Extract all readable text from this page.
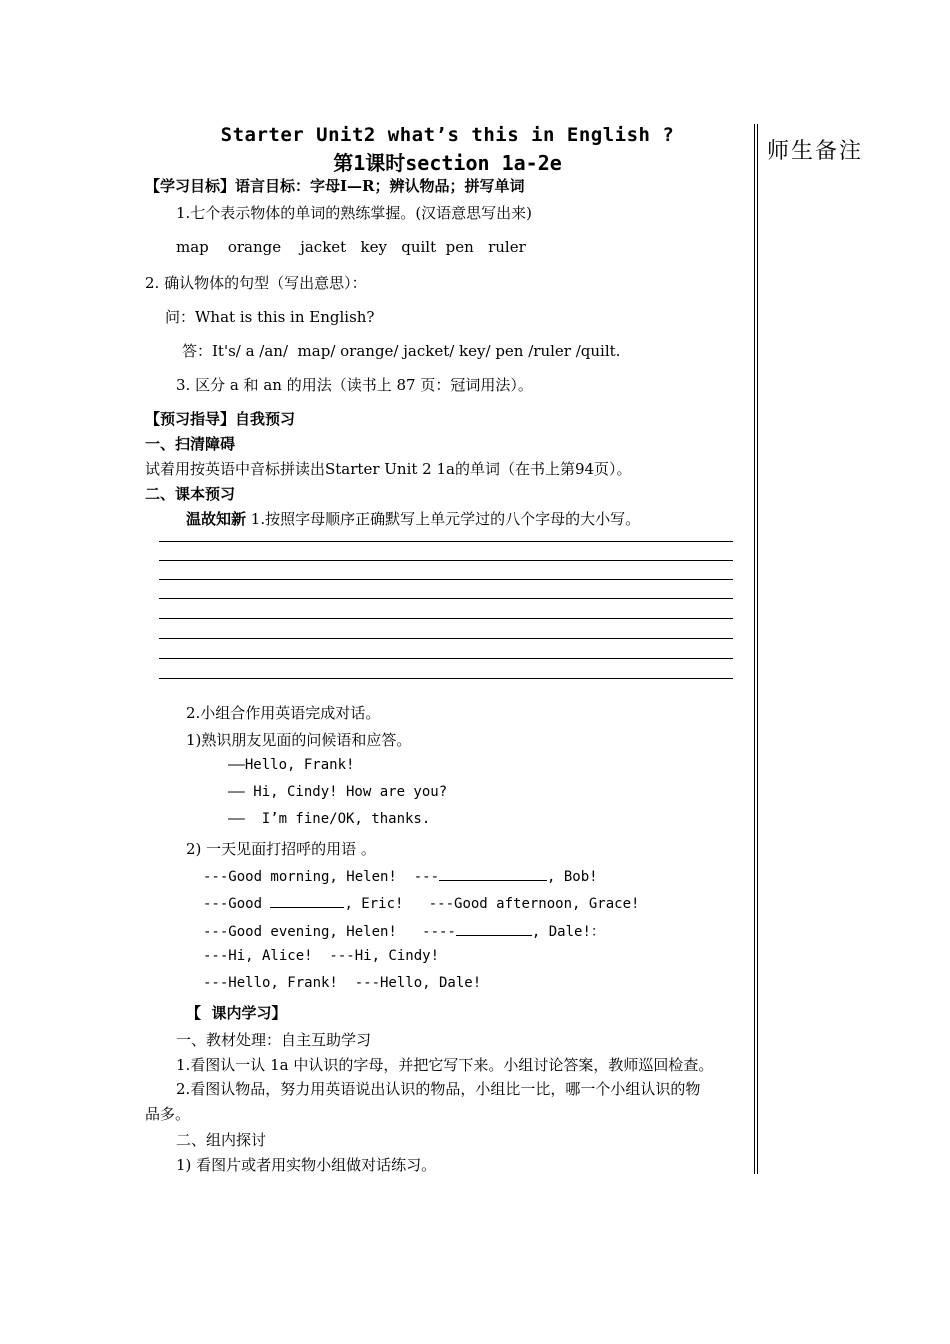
师生备注
Starter Unit2 what’s this in English ?
第1课时section 1a-2e
【学习目标】语言目标：字母I—R；辨认物品；拼写单词
1.七个表示物体的单词的熟练掌握。(汉语意思写出来)
map    orange    jacket   key   quilt  pen   ruler
2. 确认物体的句型（写出意思）：
问：What is this in English?
答：It's/ a /an/  map/ orange/ jacket/ key/ pen /ruler /quilt.
3. 区分 a 和 an 的用法（读书上 87 页：冠词用法）。
【预习指导】自我预习
一、扫清障碍
试着用按英语中音标拼读出Starter Unit 2 1a的单词（在书上第94页）。
二、课本预习
温故知新 1.按照字母顺序正确默写上单元学过的八个字母的大小写。
2.小组合作用英语完成对话。
1)熟识朋友见面的问候语和应答。
——Hello, Frank!
—— Hi, Cindy! How are you?
——  I’m fine/OK, thanks.
2) 一天见面打招呼的用语 。
---Good morning, Helen!  ---	, Bob!
---Good	, Eric!   ---Good afternoon, Grace!
---Good evening, Helen!   ----	, Dale!：
---Hi, Alice!  ---Hi, Cindy!
---Hello, Frank!  ---Hello, Dale!
【  课内学习】
一、教材处理：自主互助学习
1.看图认一认 1a 中认识的字母，并把它写下来。小组讨论答案，教师巡回检查。
2.看图认物品，努力用英语说出认识的物品，小组比一比，哪一个小组认识的物
品多。
二、组内探讨
1) 看图片或者用实物小组做对话练习。
